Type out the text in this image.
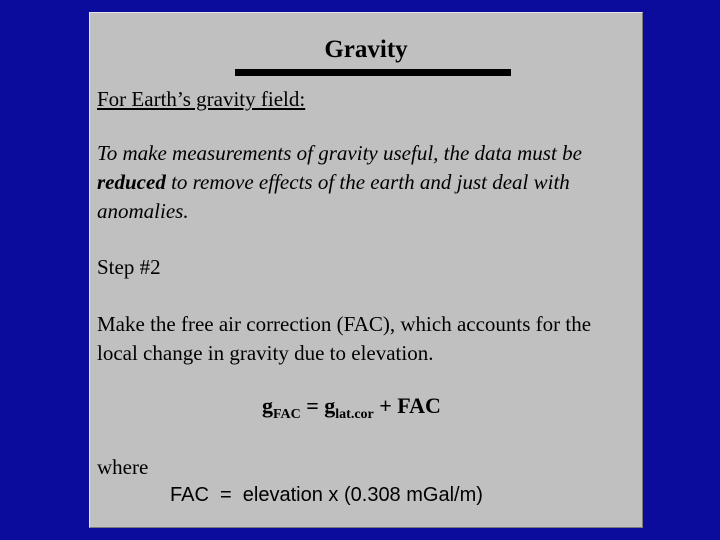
Gravity
For Earth’s gravity field:
To make measurements of gravity useful, the data must be reduced to remove effects of the earth and just deal with anomalies.
Step #2
Make the free air correction (FAC), which accounts for the local change in gravity due to elevation.
$g_{FAC} = g_{lat.cor}$ + FAC
where
FAC  =  elevation x (0.308 mGal/m)
